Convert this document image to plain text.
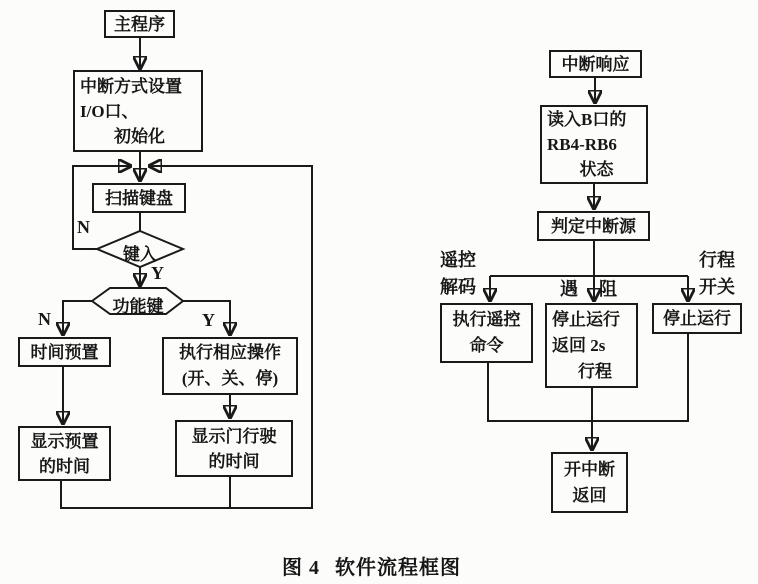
主程序
中断方式设置
I/O口、
初始化
扫描键盘
键入
功能键
N
Y
N	Y
时间预置	执行相应操作
(开、关、停)
显示预置
的时间
显示门行驶
的时间
中断响应
读入B口的
RB4-RB6
状态
判定中断源
遥控
解码	遇 阻
行程
开关
执行遥控
命令
停止运行
返回 2s
行程
停止运行
开中断
返回
图 4 软件流程框图
